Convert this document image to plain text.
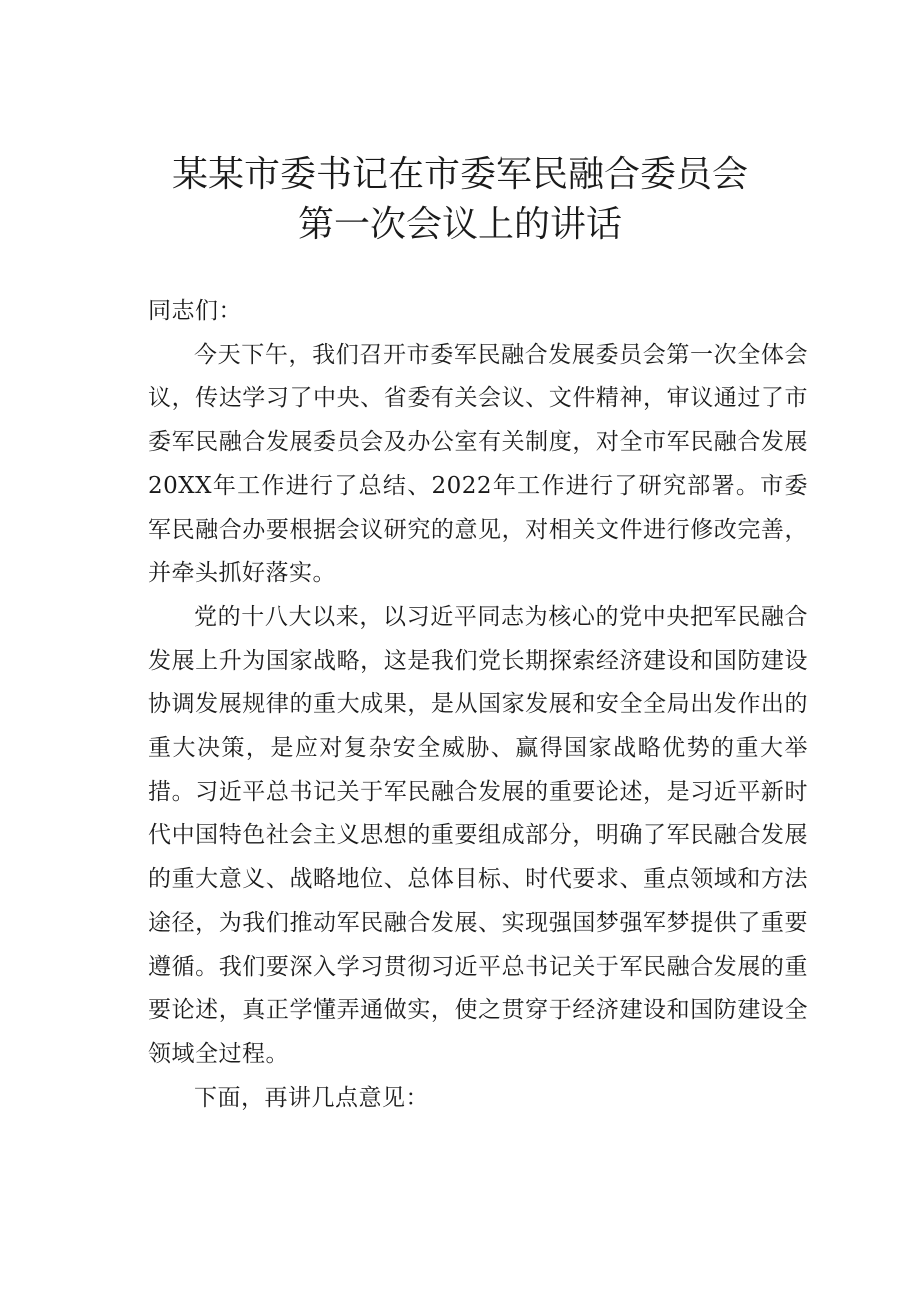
某某市委书记在市委军民融合委员会
第一次会议上的讲话

同志们：

今天下午，我们召开市委军民融合发展委员会第一次全体会议，传达学习了中央、省委有关会议、文件精神，审议通过了市委军民融合发展委员会及办公室有关制度，对全市军民融合发展20XX年工作进行了总结、2022年工作进行了研究部署。市委军民融合办要根据会议研究的意见，对相关文件进行修改完善，并牵头抓好落实。

党的十八大以来，以习近平同志为核心的党中央把军民融合发展上升为国家战略，这是我们党长期探索经济建设和国防建设协调发展规律的重大成果，是从国家发展和安全全局出发作出的重大决策，是应对复杂安全威胁、赢得国家战略优势的重大举措。习近平总书记关于军民融合发展的重要论述，是习近平新时代中国特色社会主义思想的重要组成部分，明确了军民融合发展的重大意义、战略地位、总体目标、时代要求、重点领域和方法途径，为我们推动军民融合发展、实现强国梦强军梦提供了重要遵循。我们要深入学习贯彻习近平总书记关于军民融合发展的重要论述，真正学懂弄通做实，使之贯穿于经济建设和国防建设全领域全过程。

下面，再讲几点意见：
